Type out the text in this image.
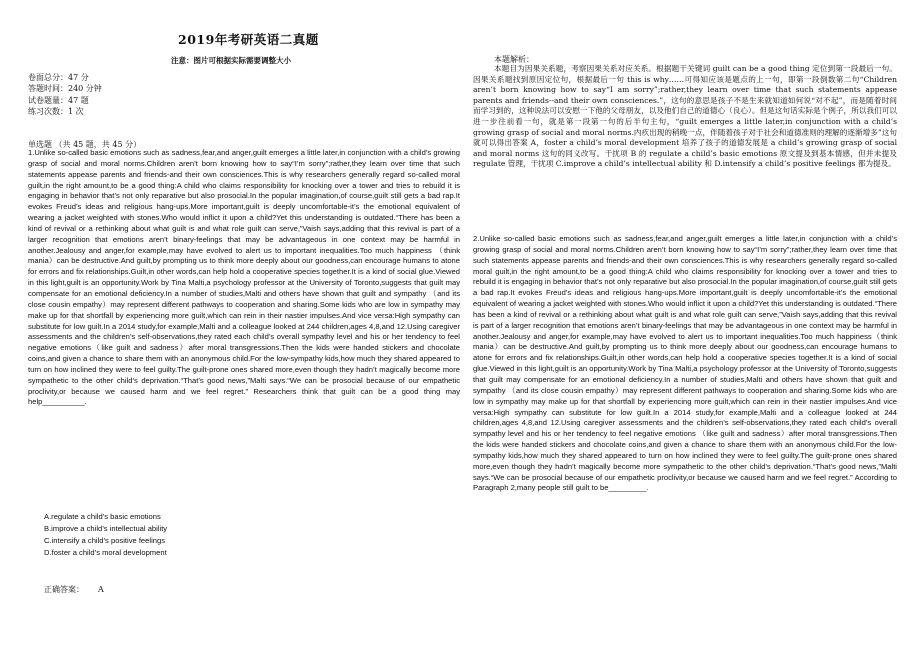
2019年考研英语二真题
注意：图片可根据实际需要调整大小
卷面总分：47 分
答题时间：240 分钟
试卷题量：47 题
练习次数：1 次
单选题 （共 45 题，共 45 分）

1.Unlike so-called basic emotions such as sadness,fear,and anger,guilt emerges a little later,in conjunction with a child’s growing grasp of social and moral norms.Children aren’t born knowing how to say“I’m sorry”;rather,they learn over time that such statements appease parents and friends-and their own consciences.This is why researchers generally regard so-called moral guilt,in the right amount,to be a good thing:A child who claims responsibility for knocking over a tower and tries to rebuild it is engaging in behavior that’s not only reparative but also prosocial.In the popular imagination,of course,guilt still gets a bad rap.It evokes Freud’s ideas and religious hang-ups.More important,guilt is deeply uncomfortable-it’s the emotional equivalent of wearing a jacket weighted with stones.Who would inflict it upon a child?Yet this understanding is outdated.“There has been a kind of revival or a rethinking about what guilt is and what role guilt can serve,”Vaish says,adding that this revival is part of a larger recognition that emotions aren’t binary-feelings that may be advantageous in one context may be harmful in another.Jealousy and anger,for example,may have evolved to alert us to important inequalities.Too much happiness （think mania）can be destructive.And guilt,by prompting us to think more deeply about our goodness,can encourage humans to atone for errors and fix relationships.Guilt,in other words,can help hold a cooperative species together.It is a kind of social glue.Viewed in this light,guilt is an opportunity.Work by Tina Malti,a psychology professor at the University of Toronto,suggests that guilt may compensate for an emotional deficiency.In a number of studies,Malti and others have shown that guilt and sympathy （and its close cousin empathy）may represent different pathways to cooperation and sharing.Some kids who are low in sympathy may make up for that shortfall by experiencing more guilt,which can rein in their nastier impulses.And vice versa:High sympathy can substitute for low guilt.In a 2014 study,for example,Malti and a colleague looked at 244 children,ages 4,8,and 12.Using caregiver assessments and the children’s self-observations,they rated each child’s overall sympathy level and his or her tendency to feel negative emotions（like guilt and sadness）after moral transgressions.Then the kids were handed stickers and chocolate coins,and given a chance to share them with an anonymous child.For the low-sympathy kids,how much they shared appeared to turn on how inclined they were to feel guilty.The guilt-prone ones shared more,even though they hadn’t magically become more sympathetic to the other child’s deprivation.“That’s good news,”Malti says.“We can be prosocial because of our empathetic proclivity,or because we caused harm and we feel regret.” Researchers think that guilt can be a good thing may help__________.

A.regulate a child’s basic emotions
B.improve a child’s intellectual ability
C.intensify a child’s positive feelings
D.foster a child’s moral development
正确答案： A
本题解析：

本题目为因果关系题，考察因果关系对应关系。根据题干关键词 guilt can be a good thing 定位到第一段最后一句。因果关系题找到原因定位句，根据最后一句 this is why……可得知应该是题点的上一句，即第一段倒数第二句“Children aren’t born knowing how to say“I am sorry”;rather,they learn over time that such statements appease parents and friends--and their own consciences.”，这句的意思是孩子不是生来就知道如何说“对不起”，而是随着时间而学习到的，这种说法可以安慰一下他的父母朋友，以及他们自己的道德心（良心）。但是这句话实际是个例子，所以我们可以进一步往前看一句，就是第一段第一句的后半句主句，“guilt emerges a little later,in conjunction with a child’s growing grasp of social and moral norms.内疚出现的稍晚一点，伴随着孩子对于社会和道德准则的理解的逐渐增多”这句就可以得出答案 A，foster a child’s moral development 培养了孩子的道德发展是 a child’s growing grasp of social and moral norms 这句的同义改写。干扰项 B 的 regulate a child’s basic emotions 原文提及到基本情感，但并未提及 regulate 管理，干扰项 C.improve a child’s intellectual ability 和 D.intensify a child’s positive feelings 都为提及。

2.Unlike so-called basic emotions such as sadness,fear,and anger,guilt emerges a little later,in conjunction with a child’s growing grasp of social and moral norms.Children aren’t born knowing how to say“I’m sorry”;rather,they learn over time that such statements appease parents and friends-and their own consciences.This is why researchers generally regard so-called moral guilt,in the right amount,to be a good thing:A child who claims responsibility for knocking over a tower and tries to rebuild it is engaging in behavior that’s not only reparative but also prosocial.In the popular imagination,of course,guilt still gets a bad rap.It evokes Freud’s ideas and religious hang-ups.More important,guilt is deeply uncomfortable-it’s the emotional equivalent of wearing a jacket weighted with stones.Who would inflict it upon a child?Yet this understanding is outdated.“There has been a kind of revival or a rethinking about what guilt is and what role guilt can serve,”Vaish says,adding that this revival is part of a larger recognition that emotions aren’t binary-feelings that may be advantageous in one context may be harmful in another.Jealousy and anger,for example,may have evolved to alert us to important inequalities.Too much happiness（think mania）can be destructive.And guilt,by prompting us to think more deeply about our goodness,can encourage humans to atone for errors and fix relationships.Guilt,in other words,can help hold a cooperative species together.It is a kind of social glue.Viewed in this light,guilt is an opportunity.Work by Tina Malti,a psychology professor at the University of Toronto,suggests that guilt may compensate for an emotional deficiency.In a number of studies,Malti and others have shown that guilt and sympathy （and its close cousin empathy）may represent different pathways to cooperation and sharing.Some kids who are low in sympathy may make up for that shortfall by experiencing more guilt,which can rein in their nastier impulses.And vice versa:High sympathy can substitute for low guilt.In a 2014 study,for example,Malti and a colleague looked at 244 children,ages 4,8,and 12.Using caregiver assessments and the children’s self-observations,they rated each child’s overall sympathy level and his or her tendency to feel negative emotions （like guilt and sadness）after moral transgressions.Then the kids were handed stickers and chocolate coins,and given a chance to share them with an anonymous child.For the low-sympathy kids,how much they shared appeared to turn on how inclined they were to feel guilty.The guilt-prone ones shared more,even though they hadn’t magically become more sympathetic to the other child’s deprivation.“That’s good news,”Malti says.“We can be prosocial because of our empathetic proclivity,or because we caused harm and we feel regret.” According to Paragraph 2,many people still guilt to be_________.
